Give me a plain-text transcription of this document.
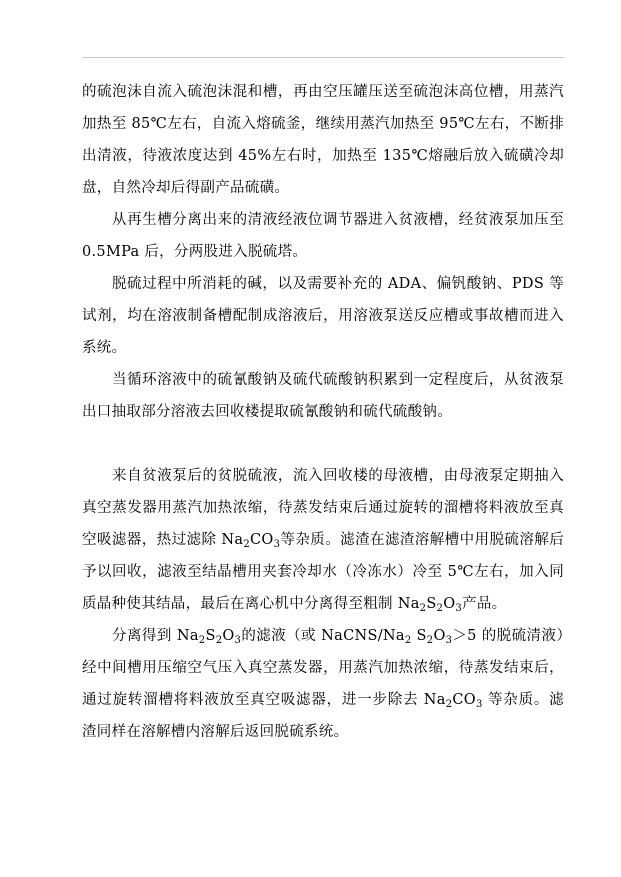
的硫泡沫自流入硫泡沫混和槽，再由空压罐压送至硫泡沫高位槽，用蒸汽加热至 85℃左右，自流入熔硫釜，继续用蒸汽加热至 95℃左右，不断排出清液，待液浓度达到 45%左右时，加热至 135℃熔融后放入硫磺冷却盘，自然冷却后得副产品硫磺。

从再生槽分离出来的清液经液位调节器进入贫液槽，经贫液泵加压至 0.5MPa 后，分两股进入脱硫塔。

脱硫过程中所消耗的碱，以及需要补充的 ADA、偏钒酸钠、PDS 等试剂，均在溶液制备槽配制成溶液后，用溶液泵送反应槽或事故槽而进入系统。

当循环溶液中的硫氰酸钠及硫代硫酸钠积累到一定程度后，从贫液泵出口抽取部分溶液去回收楼提取硫氰酸钠和硫代硫酸钠。

来自贫液泵后的贫脱硫液，流入回收楼的母液槽，由母液泵定期抽入真空蒸发器用蒸汽加热浓缩，待蒸发结束后通过旋转的溜槽将料液放至真空吸滤器，热过滤除 $Na_2CO_3$等杂质。滤渣在滤渣溶解槽中用脱硫溶解后予以回收，滤液至结晶槽用夹套冷却水（冷冻水）冷至 5℃左右，加入同质晶种使其结晶，最后在离心机中分离得至粗制 $Na_2S_2O_3$产品。

分离得到 $Na_2S_2O_3$的滤液（或 NaCNS/$Na_2$ $S_2O_3>5$ 的脱硫清液）经中间槽用压缩空气压入真空蒸发器，用蒸汽加热浓缩，待蒸发结束后，通过旋转溜槽将料液放至真空吸滤器，进一步除去 $Na_2CO_3$ 等杂质。滤渣同样在溶解槽内溶解后返回脱硫系统。
